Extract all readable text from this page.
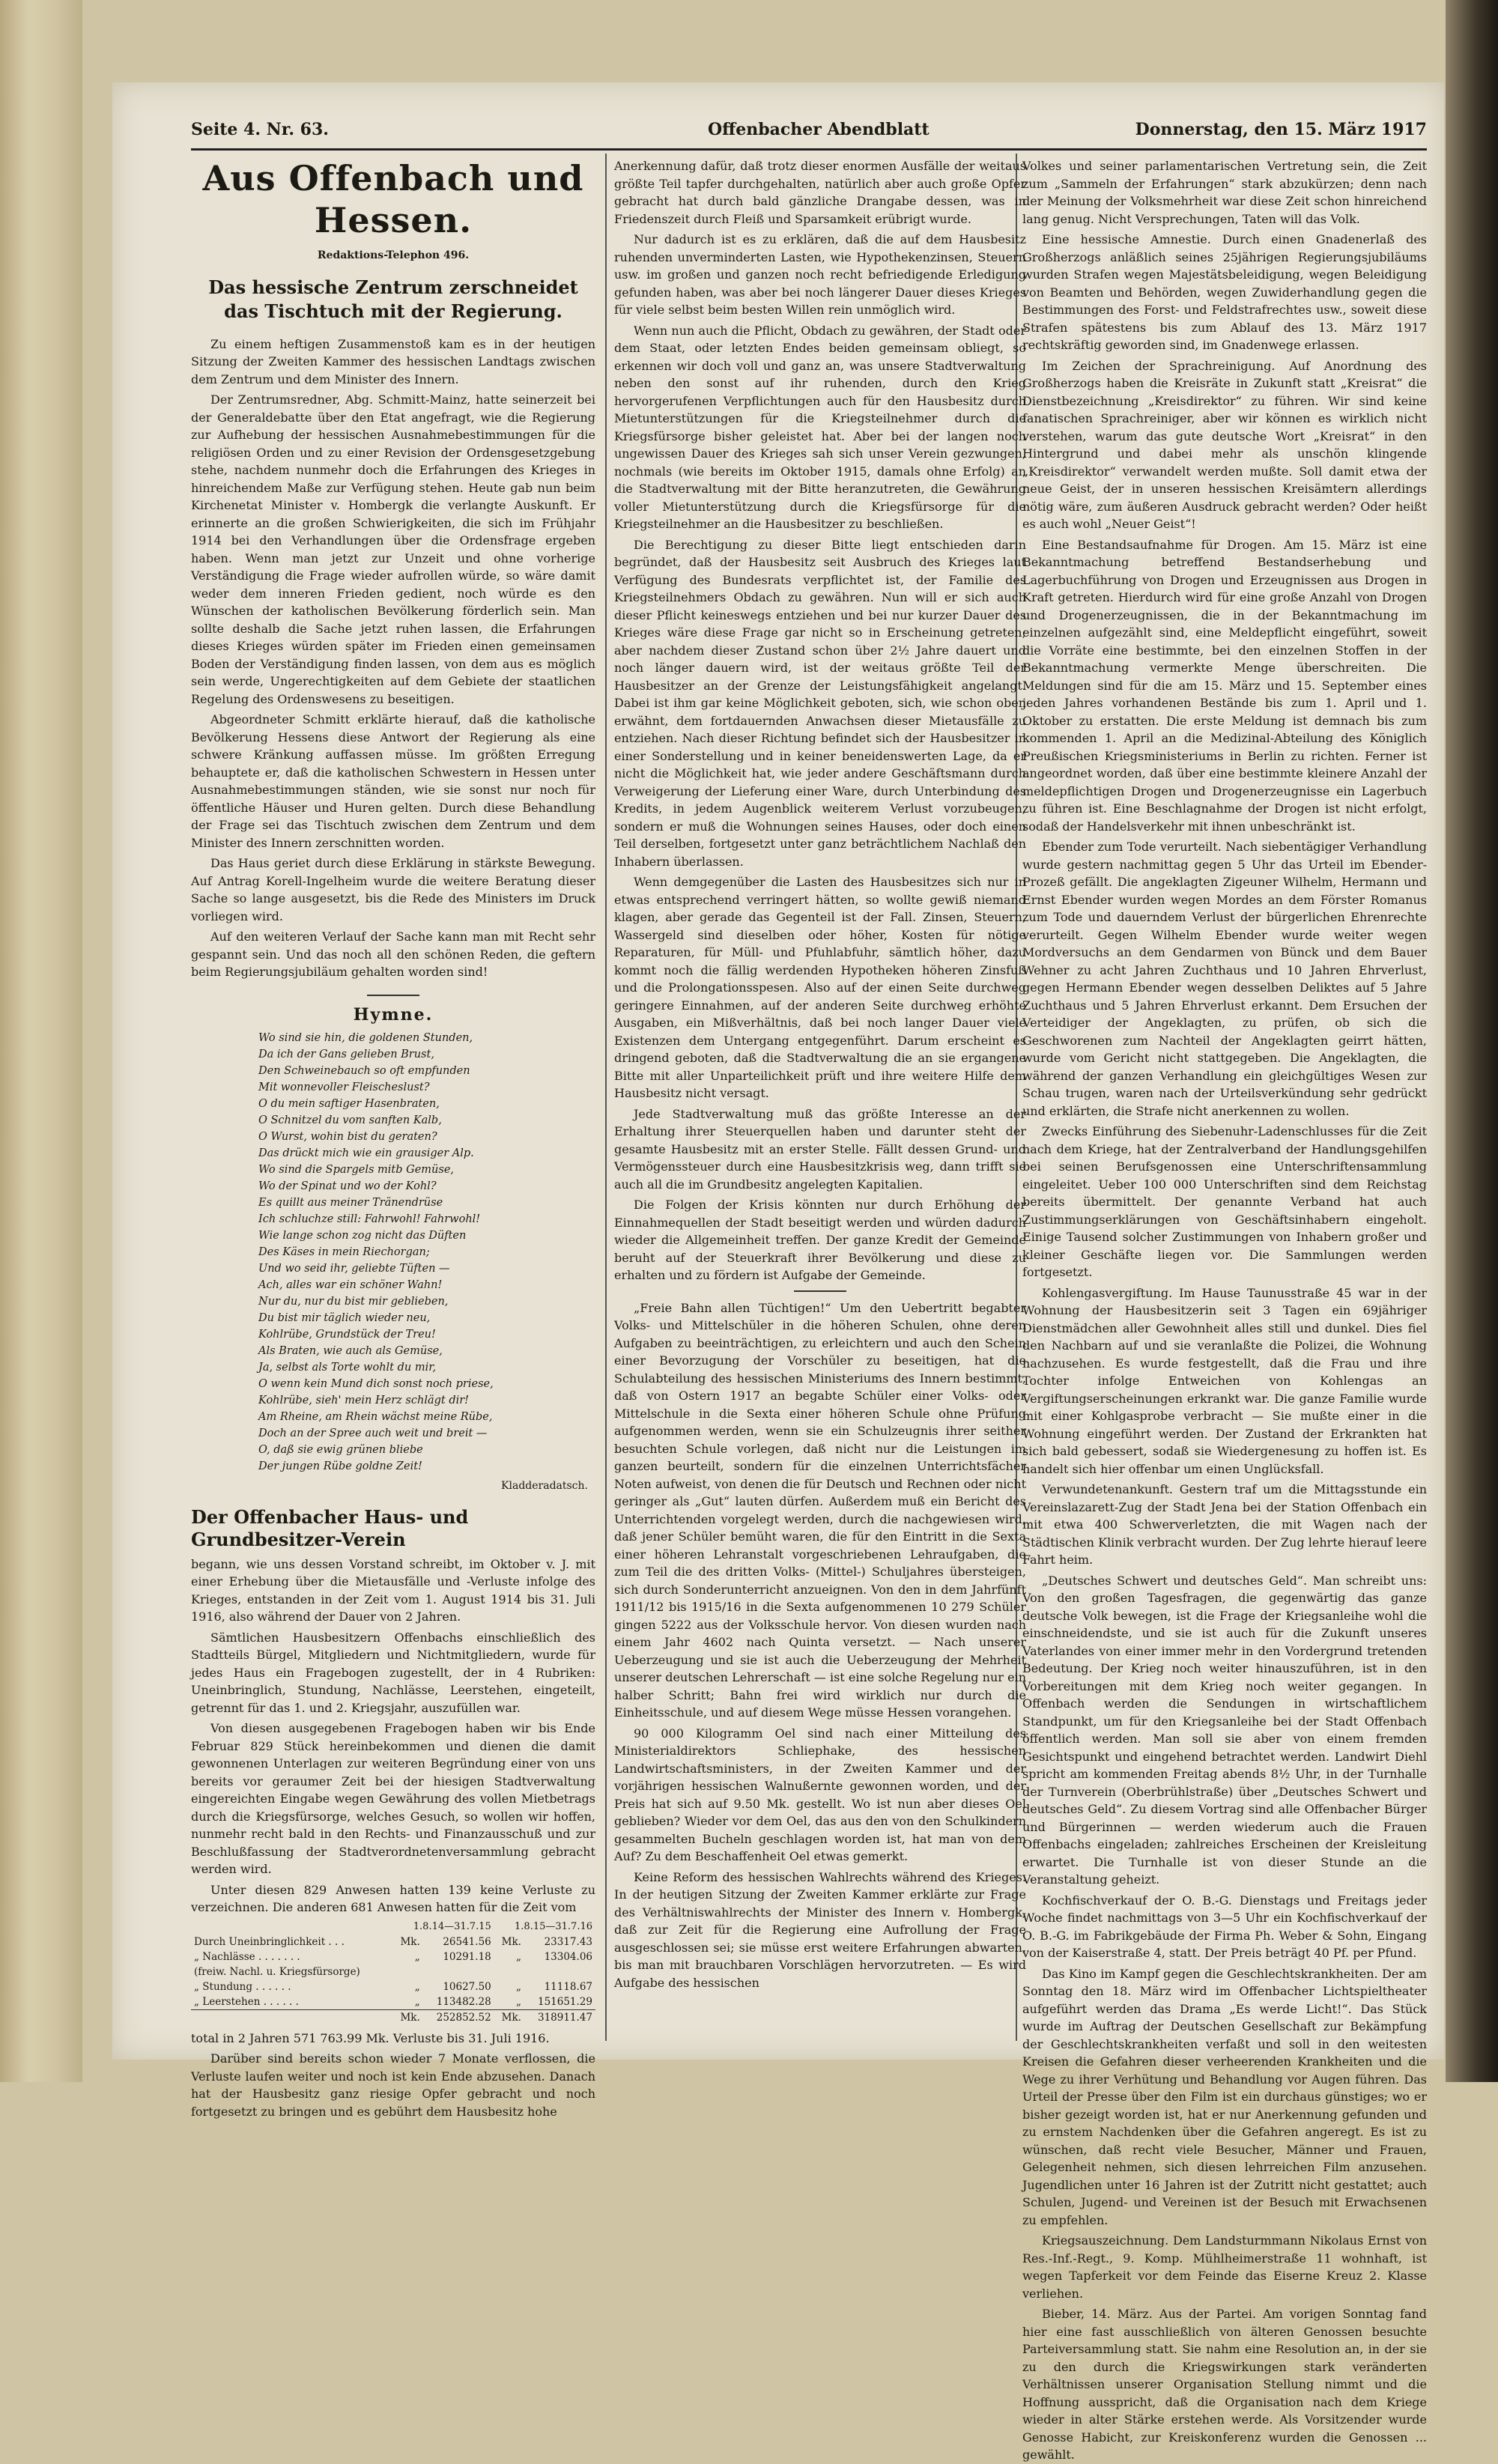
Seite 4. Nr. 63.	Offenbacher Abendblatt	Donnerstag, den 15. März 1917
Aus Offenbach und Hessen.
Redaktions-Telephon 496.
Das hessische Zentrum zerschneidet das Tischtuch mit der Regierung.

Zu einem heftigen Zusammenstoß kam es in der heutigen Sitzung der Zweiten Kammer des hessischen Landtags zwischen dem Zentrum und dem Minister des Innern.

Der Zentrumsredner, Abg. Schmitt-Mainz, hatte seinerzeit bei der Generaldebatte über den Etat angefragt, wie die Regierung zur Aufhebung der hessischen Ausnahmebestimmungen für die religiösen Orden und zu einer Revision der Ordensgesetzgebung stehe, nachdem nunmehr doch die Erfahrungen des Krieges in hinreichendem Maße zur Verfügung stehen. Heute gab nun beim Kirchenetat Minister v. Hombergk die verlangte Auskunft. Er erinnerte an die großen Schwierigkeiten, die sich im Frühjahr 1914 bei den Verhandlungen über die Ordensfrage ergeben haben. Wenn man jetzt zur Unzeit und ohne vorherige Verständigung die Frage wieder aufrollen würde, so wäre damit weder dem inneren Frieden gedient, noch würde es den Wünschen der katholischen Bevölkerung förderlich sein. Man sollte deshalb die Sache jetzt ruhen lassen, die Erfahrungen dieses Krieges würden später im Frieden einen gemeinsamen Boden der Verständigung finden lassen, von dem aus es möglich sein werde, Ungerechtigkeiten auf dem Gebiete der staatlichen Regelung des Ordenswesens zu beseitigen.

Abgeordneter Schmitt erklärte hierauf, daß die katholische Bevölkerung Hessens diese Antwort der Regierung als eine schwere Kränkung auffassen müsse. Im größten Erregung behauptete er, daß die katholischen Schwestern in Hessen unter Ausnahmebestimmungen ständen, wie sie sonst nur noch für öffentliche Häuser und Huren gelten. Durch diese Behandlung der Frage sei das Tischtuch zwischen dem Zentrum und dem Minister des Innern zerschnitten worden.

Das Haus geriet durch diese Erklärung in stärkste Bewegung. Auf Antrag Korell-Ingelheim wurde die weitere Beratung dieser Sache so lange ausgesetzt, bis die Rede des Ministers im Druck vorliegen wird.

Auf den weiteren Verlauf der Sache kann man mit Recht sehr gespannt sein. Und das noch all den schönen Reden, die geftern beim Regierungsjubiläum gehalten worden sind!

Hymne.
Wo sind sie hin, die goldenen Stunden,
Da ich der Gans gelieben Brust,
Den Schweinebauch so oft empfunden
Mit wonnevoller Fleischeslust?
O du mein saftiger Hasenbraten,
O Schnitzel du vom sanften Kalb,
O Wurst, wohin bist du geraten?
Das drückt mich wie ein grausiger Alp.
Wo sind die Spargels mitb Gemüse,
Wo der Spinat und wo der Kohl?
Es quillt aus meiner Tränendrüse
Ich schluchze still: Fahrwohl! Fahrwohl!
Wie lange schon zog nicht das Düften
Des Käses in mein Riechorgan;
Und wo seid ihr, geliebte Tüften —
Ach, alles war ein schöner Wahn!
Nur du, nur du bist mir geblieben,
Du bist mir täglich wieder neu,
Kohlrübe, Grundstück der Treu!
Als Braten, wie auch als Gemüse,
Ja, selbst als Torte wohlt du mir,
O wenn kein Mund dich sonst noch priese,
Kohlrübe, sieh' mein Herz schlägt dir!
Am Rheine, am Rhein wächst meine Rübe,
Doch an der Spree auch weit und breit —
O, daß sie ewig grünen bliebe
Der jungen Rübe goldne Zeit!
Kladderadatsch.
Der Offenbacher Haus- und Grundbesitzer-Verein

begann, wie uns dessen Vorstand schreibt, im Oktober v. J. mit einer Erhebung über die Mietausfälle und -Verluste infolge des Krieges, entstanden in der Zeit vom 1. August 1914 bis 31. Juli 1916, also während der Dauer von 2 Jahren.

Sämtlichen Hausbesitzern Offenbachs einschließlich des Stadtteils Bürgel, Mitgliedern und Nichtmitgliedern, wurde für jedes Haus ein Fragebogen zugestellt, der in 4 Rubriken: Uneinbringlich, Stundung, Nachlässe, Leerstehen, eingeteilt, getrennt für das 1. und 2. Kriegsjahr, auszufüllen war.

Von diesen ausgegebenen Fragebogen haben wir bis Ende Februar 829 Stück hereinbekommen und dienen die damit gewonnenen Unterlagen zur weiteren Begründung einer von uns bereits vor geraumer Zeit bei der hiesigen Stadtverwaltung eingereichten Eingabe wegen Gewährung des vollen Mietbetrags durch die Kriegsfürsorge, welches Gesuch, so wollen wir hoffen, nunmehr recht bald in den Rechts- und Finanzausschuß und zur Beschlußfassung der Stadtverordnetenversammlung gebracht werden wird.

Unter diesen 829 Anwesen hatten 139 keine Verluste zu verzeichnen. Die anderen 681 Anwesen hatten für die Zeit vom

	1.8.14—31.7.15		1.8.15—31.7.16	
Durch Uneinbringlichkeit . . .	Mk.	26541.56	Mk.	23317.43
„ Nachlässe . . . . . . .	„	10291.18	„	13304.06
(freiw. Nachl. u. Kriegsfürsorge)				
„ Stundung . . . . . .	„	10627.50	„	11118.67
„ Leerstehen . . . . . .	„	113482.28	„	151651.29
	Mk.	252852.52	Mk.	318911.47

total in 2 Jahren 571 763.99 Mk. Verluste bis 31. Juli 1916.

Darüber sind bereits schon wieder 7 Monate verflossen, die Verluste laufen weiter und noch ist kein Ende abzusehen. Danach hat der Hausbesitz ganz riesige Opfer gebracht und noch fortgesetzt zu bringen und es gebührt dem Hausbesitz hohe

Anerkennung dafür, daß trotz dieser enormen Ausfälle der weitaus größte Teil tapfer durchgehalten, natürlich aber auch große Opfer gebracht hat durch bald gänzliche Drangabe dessen, was in Friedenszeit durch Fleiß und Sparsamkeit erübrigt wurde.

Nur dadurch ist es zu erklären, daß die auf dem Hausbesitz ruhenden unverminderten Lasten, wie Hypothekenzinsen, Steuern usw. im großen und ganzen noch recht befriedigende Erledigung gefunden haben, was aber bei noch längerer Dauer dieses Krieges für viele selbst beim besten Willen rein unmöglich wird.

Wenn nun auch die Pflicht, Obdach zu gewähren, der Stadt oder dem Staat, oder letzten Endes beiden gemeinsam obliegt, so erkennen wir doch voll und ganz an, was unsere Stadtverwaltung neben den sonst auf ihr ruhenden, durch den Krieg hervorgerufenen Verpflichtungen auch für den Hausbesitz durch Mietunterstützungen für die Kriegsteilnehmer durch die Kriegsfürsorge bisher geleistet hat. Aber bei der langen noch ungewissen Dauer des Krieges sah sich unser Verein gezwungen, nochmals (wie bereits im Oktober 1915, damals ohne Erfolg) an die Stadtverwaltung mit der Bitte heranzutreten, die Gewährung voller Mietunterstützung durch die Kriegsfürsorge für die Kriegsteilnehmer an die Hausbesitzer zu beschließen.

Die Berechtigung zu dieser Bitte liegt entschieden darin begründet, daß der Hausbesitz seit Ausbruch des Krieges laut Verfügung des Bundesrats verpflichtet ist, der Familie des Kriegsteilnehmers Obdach zu gewähren. Nun will er sich auch dieser Pflicht keineswegs entziehen und bei nur kurzer Dauer des Krieges wäre diese Frage gar nicht so in Erscheinung getreten; aber nachdem dieser Zustand schon über 2½ Jahre dauert und noch länger dauern wird, ist der weitaus größte Teil der Hausbesitzer an der Grenze der Leistungsfähigkeit angelangt. Dabei ist ihm gar keine Möglichkeit geboten, sich, wie schon oben erwähnt, dem fortdauernden Anwachsen dieser Mietausfälle zu entziehen. Nach dieser Richtung befindet sich der Hausbesitzer in einer Sonderstellung und in keiner beneidenswerten Lage, da er nicht die Möglichkeit hat, wie jeder andere Geschäftsmann durch Verweigerung der Lieferung einer Ware, durch Unterbindung des Kredits, in jedem Augenblick weiterem Verlust vorzubeugen, sondern er muß die Wohnungen seines Hauses, oder doch einen Teil derselben, fortgesetzt unter ganz beträchtlichem Nachlaß den Inhabern überlassen.

Wenn demgegenüber die Lasten des Hausbesitzes sich nur in etwas entsprechend verringert hätten, so wollte gewiß niemand klagen, aber gerade das Gegenteil ist der Fall. Zinsen, Steuern, Wassergeld sind dieselben oder höher, Kosten für nötige Reparaturen, für Müll- und Pfuhlabfuhr, sämtlich höher, dazu kommt noch die fällig werdenden Hypotheken höheren Zinsfuß und die Prolongationsspesen. Also auf der einen Seite durchweg geringere Einnahmen, auf der anderen Seite durchweg erhöhte Ausgaben, ein Mißverhältnis, daß bei noch langer Dauer viele Existenzen dem Untergang entgegenführt. Darum erscheint es dringend geboten, daß die Stadtverwaltung die an sie ergangene Bitte mit aller Unparteilichkeit prüft und ihre weitere Hilfe dem Hausbesitz nicht versagt.

Jede Stadtverwaltung muß das größte Interesse an der Erhaltung ihrer Steuerquellen haben und darunter steht der gesamte Hausbesitz mit an erster Stelle. Fällt dessen Grund- und Vermögenssteuer durch eine Hausbesitzkrisis weg, dann trifft sie auch all die im Grundbesitz angelegten Kapitalien.

Die Folgen der Krisis könnten nur durch Erhöhung der Einnahmequellen der Stadt beseitigt werden und würden dadurch wieder die Allgemeinheit treffen. Der ganze Kredit der Gemeinde beruht auf der Steuerkraft ihrer Bevölkerung und diese zu erhalten und zu fördern ist Aufgabe der Gemeinde.

„Freie Bahn allen Tüchtigen!“ Um den Uebertritt begabter Volks- und Mittelschüler in die höheren Schulen, ohne deren Aufgaben zu beeinträchtigen, zu erleichtern und auch den Schein einer Bevorzugung der Vorschüler zu beseitigen, hat die Schulabteilung des hessischen Ministeriums des Innern bestimmt, daß von Ostern 1917 an begabte Schüler einer Volks- oder Mittelschule in die Sexta einer höheren Schule ohne Prüfung aufgenommen werden, wenn sie ein Schulzeugnis ihrer seither besuchten Schule vorlegen, daß nicht nur die Leistungen im ganzen beurteilt, sondern für die einzelnen Unterrichtsfächer Noten aufweist, von denen die für Deutsch und Rechnen oder nicht geringer als „Gut“ lauten dürfen. Außerdem muß ein Bericht des Unterrichtenden vorgelegt werden, durch die nachgewiesen wird, daß jener Schüler bemüht waren, die für den Eintritt in die Sexta einer höheren Lehranstalt vorgeschriebenen Lehraufgaben, die zum Teil die des dritten Volks- (Mittel-) Schuljahres übersteigen, sich durch Sonderunterricht anzueignen. Von den in dem Jahrfünft 1911/12 bis 1915/16 in die Sexta aufgenommenen 10 279 Schüler gingen 5222 aus der Volksschule hervor. Von diesen wurden nach einem Jahr 4602 nach Quinta versetzt. — Nach unserer Ueberzeugung und sie ist auch die Ueberzeugung der Mehrheit unserer deutschen Lehrerschaft — ist eine solche Regelung nur ein halber Schritt; Bahn frei wird wirklich nur durch die Einheitsschule, und auf diesem Wege müsse Hessen vorangehen.

90 000 Kilogramm Oel sind nach einer Mitteilung des Ministerialdirektors Schliephake, des hessischen Landwirtschaftsministers, in der Zweiten Kammer und der vorjährigen hessischen Walnußernte gewonnen worden, und der Preis hat sich auf 9.50 Mk. gestellt. Wo ist nun aber dieses Oel geblieben? Wieder vor dem Oel, das aus den von den Schulkindern gesammelten Bucheln geschlagen worden ist, hat man von dem Auf? Zu dem Beschaffenheit Oel etwas gemerkt.

Keine Reform des hessischen Wahlrechts während des Krieges. In der heutigen Sitzung der Zweiten Kammer erklärte zur Frage des Verhältniswahlrechts der Minister des Innern v. Hombergk, daß zur Zeit für die Regierung eine Aufrollung der Frage ausgeschlossen sei; sie müsse erst weitere Erfahrungen abwarten, bis man mit brauchbaren Vorschlägen hervorzutreten. — Es wird Aufgabe des hessischen

Volkes und seiner parlamentarischen Vertretung sein, die Zeit zum „Sammeln der Erfahrungen“ stark abzukürzen; denn nach der Meinung der Volksmehrheit war diese Zeit schon hinreichend lang genug. Nicht Versprechungen, Taten will das Volk.

Eine hessische Amnestie. Durch einen Gnadenerlaß des Großherzogs anläßlich seines 25jährigen Regierungsjubiläums wurden Strafen wegen Majestätsbeleidigung, wegen Beleidigung von Beamten und Behörden, wegen Zuwiderhandlung gegen die Bestimmungen des Forst- und Feldstrafrechtes usw., soweit diese Strafen spätestens bis zum Ablauf des 13. März 1917 rechtskräftig geworden sind, im Gnadenwege erlassen.

Im Zeichen der Sprachreinigung. Auf Anordnung des Großherzogs haben die Kreisräte in Zukunft statt „Kreisrat“ die Dienstbezeichnung „Kreisdirektor“ zu führen. Wir sind keine fanatischen Sprachreiniger, aber wir können es wirklich nicht verstehen, warum das gute deutsche Wort „Kreisrat“ in den Hintergrund und dabei mehr als unschön klingende „Kreisdirektor“ verwandelt werden mußte. Soll damit etwa der neue Geist, der in unseren hessischen Kreisämtern allerdings nötig wäre, zum äußeren Ausdruck gebracht werden? Oder heißt es auch wohl „Neuer Geist“!

Eine Bestandsaufnahme für Drogen. Am 15. März ist eine Bekanntmachung betreffend Bestandserhebung und Lagerbuchführung von Drogen und Erzeugnissen aus Drogen in Kraft getreten. Hierdurch wird für eine große Anzahl von Drogen und Drogenerzeugnissen, die in der Bekanntmachung im einzelnen aufgezählt sind, eine Meldepflicht eingeführt, soweit die Vorräte eine bestimmte, bei den einzelnen Stoffen in der Bekanntmachung vermerkte Menge überschreiten. Die Meldungen sind für die am 15. März und 15. September eines jeden Jahres vorhandenen Bestände bis zum 1. April und 1. Oktober zu erstatten. Die erste Meldung ist demnach bis zum kommenden 1. April an die Medizinal-Abteilung des Königlich Preußischen Kriegsministeriums in Berlin zu richten. Ferner ist angeordnet worden, daß über eine bestimmte kleinere Anzahl der meldepflichtigen Drogen und Drogenerzeugnisse ein Lagerbuch zu führen ist. Eine Beschlagnahme der Drogen ist nicht erfolgt, sodaß der Handelsverkehr mit ihnen unbeschränkt ist.

Ebender zum Tode verurteilt. Nach siebentägiger Verhandlung wurde gestern nachmittag gegen 5 Uhr das Urteil im Ebender-Prozeß gefällt. Die angeklagten Zigeuner Wilhelm, Hermann und Ernst Ebender wurden wegen Mordes an dem Förster Romanus zum Tode und dauerndem Verlust der bürgerlichen Ehrenrechte verurteilt. Gegen Wilhelm Ebender wurde weiter wegen Mordversuchs an dem Gendarmen von Bünck und dem Bauer Wehner zu acht Jahren Zuchthaus und 10 Jahren Ehrverlust, gegen Hermann Ebender wegen desselben Deliktes auf 5 Jahre Zuchthaus und 5 Jahren Ehrverlust erkannt. Dem Ersuchen der Verteidiger der Angeklagten, zu prüfen, ob sich die Geschworenen zum Nachteil der Angeklagten geirrt hätten, wurde vom Gericht nicht stattgegeben. Die Angeklagten, die während der ganzen Verhandlung ein gleichgültiges Wesen zur Schau trugen, waren nach der Urteilsverkündung sehr gedrückt und erklärten, die Strafe nicht anerkennen zu wollen.

Zwecks Einführung des Siebenuhr-Ladenschlusses für die Zeit nach dem Kriege, hat der Zentralverband der Handlungsgehilfen bei seinen Berufsgenossen eine Unterschriftensammlung eingeleitet. Ueber 100 000 Unterschriften sind dem Reichstag bereits übermittelt. Der genannte Verband hat auch Zustimmungserklärungen von Geschäftsinhabern eingeholt. Einige Tausend solcher Zustimmungen von Inhabern großer und kleiner Geschäfte liegen vor. Die Sammlungen werden fortgesetzt.

Kohlengasvergiftung. Im Hause Taunusstraße 45 war in der Wohnung der Hausbesitzerin seit 3 Tagen ein 69jähriger Dienstmädchen aller Gewohnheit alles still und dunkel. Dies fiel den Nachbarn auf und sie veranlaßte die Polizei, die Wohnung nachzusehen. Es wurde festgestellt, daß die Frau und ihre Tochter infolge Entweichen von Kohlengas an Vergiftungserscheinungen erkrankt war. Die ganze Familie wurde mit einer Kohlgasprobe verbracht — Sie mußte einer in die Wohnung eingeführt werden. Der Zustand der Erkrankten hat sich bald gebessert, sodaß sie Wiedergenesung zu hoffen ist. Es handelt sich hier offenbar um einen Unglücksfall.

Verwundetenankunft. Gestern traf um die Mittagsstunde ein Vereinslazarett-Zug der Stadt Jena bei der Station Offenbach ein mit etwa 400 Schwerverletzten, die mit Wagen nach der Städtischen Klinik verbracht wurden. Der Zug lehrte hierauf leere Fahrt heim.

„Deutsches Schwert und deutsches Geld“. Man schreibt uns: Von den großen Tagesfragen, die gegenwärtig das ganze deutsche Volk bewegen, ist die Frage der Kriegsanleihe wohl die einschneidendste, und sie ist auch für die Zukunft unseres Vaterlandes von einer immer mehr in den Vordergrund tretenden Bedeutung. Der Krieg noch weiter hinauszuführen, ist in den Vorbereitungen mit dem Krieg noch weiter gegangen. In Offenbach werden die Sendungen in wirtschaftlichem Standpunkt, um für den Kriegsanleihe bei der Stadt Offenbach öffentlich werden. Man soll sie aber von einem fremden Gesichtspunkt und eingehend betrachtet werden. Landwirt Diehl spricht am kommenden Freitag abends 8½ Uhr, in der Turnhalle der Turnverein (Oberbrühlstraße) über „Deutsches Schwert und deutsches Geld“. Zu diesem Vortrag sind alle Offenbacher Bürger und Bürgerinnen — werden wiederum auch die Frauen Offenbachs eingeladen; zahlreiches Erscheinen der Kreisleitung erwartet. Die Turnhalle ist von dieser Stunde an die Veranstaltung geheizt.

Kochfischverkauf der O. B.-G. Dienstags und Freitags jeder Woche findet nachmittags von 3—5 Uhr ein Kochfischverkauf der O. B.-G. im Fabrikgebäude der Firma Ph. Weber & Sohn, Eingang von der Kaiserstraße 4, statt. Der Preis beträgt 40 Pf. per Pfund.

Das Kino im Kampf gegen die Geschlechtskrankheiten. Der am Sonntag den 18. März wird im Offenbacher Lichtspieltheater aufgeführt werden das Drama „Es werde Licht!“. Das Stück wurde im Auftrag der Deutschen Gesellschaft zur Bekämpfung der Geschlechtskrankheiten verfaßt und soll in den weitesten Kreisen die Gefahren dieser verheerenden Krankheiten und die Wege zu ihrer Verhütung und Behandlung vor Augen führen. Das Urteil der Presse über den Film ist ein durchaus günstiges; wo er bisher gezeigt worden ist, hat er nur Anerkennung gefunden und zu ernstem Nachdenken über die Gefahren angeregt. Es ist zu wünschen, daß recht viele Besucher, Männer und Frauen, Gelegenheit nehmen, sich diesen lehrreichen Film anzusehen. Jugendlichen unter 16 Jahren ist der Zutritt nicht gestattet; auch Schulen, Jugend- und Vereinen ist der Besuch mit Erwachsenen zu empfehlen.

Kriegsauszeichnung. Dem Landsturmmann Nikolaus Ernst von Res.-Inf.-Regt., 9. Komp. Mühlheimerstraße 11 wohnhaft, ist wegen Tapferkeit vor dem Feinde das Eiserne Kreuz 2. Klasse verliehen.

Bieber, 14. März. Aus der Partei. Am vorigen Sonntag fand hier eine fast ausschließlich von älteren Genossen besuchte Parteiversammlung statt. Sie nahm eine Resolution an, in der sie zu den durch die Kriegswirkungen stark veränderten Verhältnissen unserer Organisation Stellung nimmt und die Hoffnung ausspricht, daß die Organisation nach dem Kriege wieder in alter Stärke erstehen werde. Als Vorsitzender wurde Genosse Habicht, zur Kreiskonferenz wurden die Genossen ... gewählt.
